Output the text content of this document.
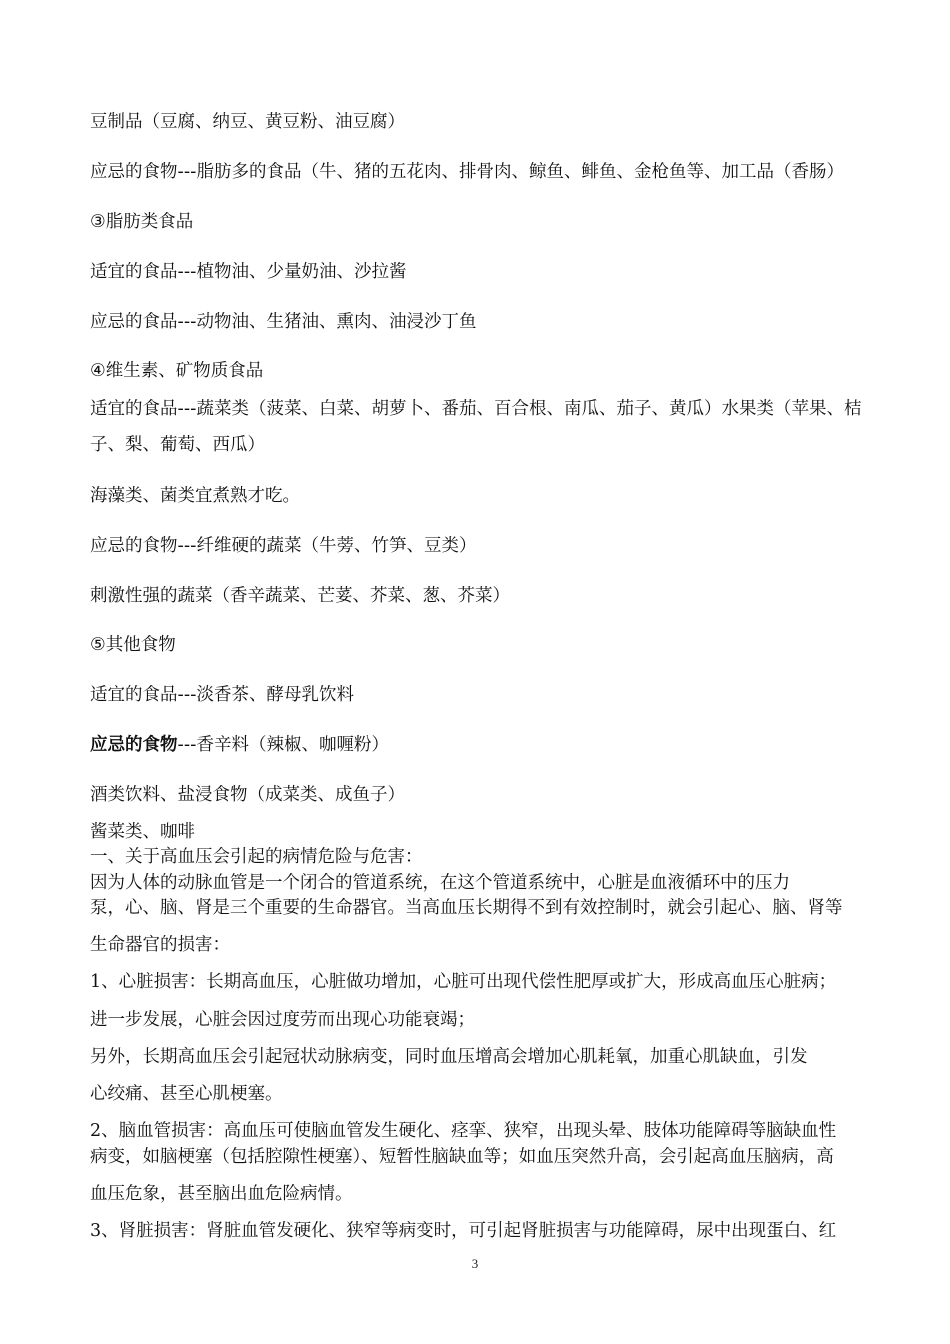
豆制品（豆腐、纳豆、黄豆粉、油豆腐）
应忌的食物---脂肪多的食品（牛、猪的五花肉、排骨肉、鲸鱼、鲱鱼、金枪鱼等、加工品（香肠）
③脂肪类食品
适宜的食品---植物油、少量奶油、沙拉酱
应忌的食品---动物油、生猪油、熏肉、油浸沙丁鱼
④维生素、矿物质食品
适宜的食品---蔬菜类（菠菜、白菜、胡萝卜、番茄、百合根、南瓜、茄子、黄瓜）水果类（苹果、桔
子、梨、葡萄、西瓜）
海藻类、菌类宜煮熟才吃。
应忌的食物---纤维硬的蔬菜（牛蒡、竹笋、豆类）
刺激性强的蔬菜（香辛蔬菜、芒荽、芥菜、葱、芥菜）
⑤其他食物
适宜的食品---淡香茶、酵母乳饮料
应忌的食物---香辛料（辣椒、咖喱粉）
酒类饮料、盐浸食物（成菜类、成鱼子）
酱菜类、咖啡
一、关于高血压会引起的病情危险与危害：
因为人体的动脉血管是一个闭合的管道系统，在这个管道系统中，心脏是血液循环中的压力
泵，心、脑、肾是三个重要的生命器官。当高血压长期得不到有效控制时，就会引起心、脑、肾等
生命器官的损害：
1、心脏损害：长期高血压，心脏做功增加，心脏可出现代偿性肥厚或扩大，形成高血压心脏病；
进一步发展，心脏会因过度劳而出现心功能衰竭；
另外，长期高血压会引起冠状动脉病变，同时血压增高会增加心肌耗氧，加重心肌缺血，引发
心绞痛、甚至心肌梗塞。
2、脑血管损害：高血压可使脑血管发生硬化、痉挛、狭窄，出现头晕、肢体功能障碍等脑缺血性
病变，如脑梗塞（包括腔隙性梗塞）、短暂性脑缺血等；如血压突然升高，会引起高血压脑病，高
血压危象，甚至脑出血危险病情。
3、肾脏损害：肾脏血管发硬化、狭窄等病变时，可引起肾脏损害与功能障碍，尿中出现蛋白、红
3
